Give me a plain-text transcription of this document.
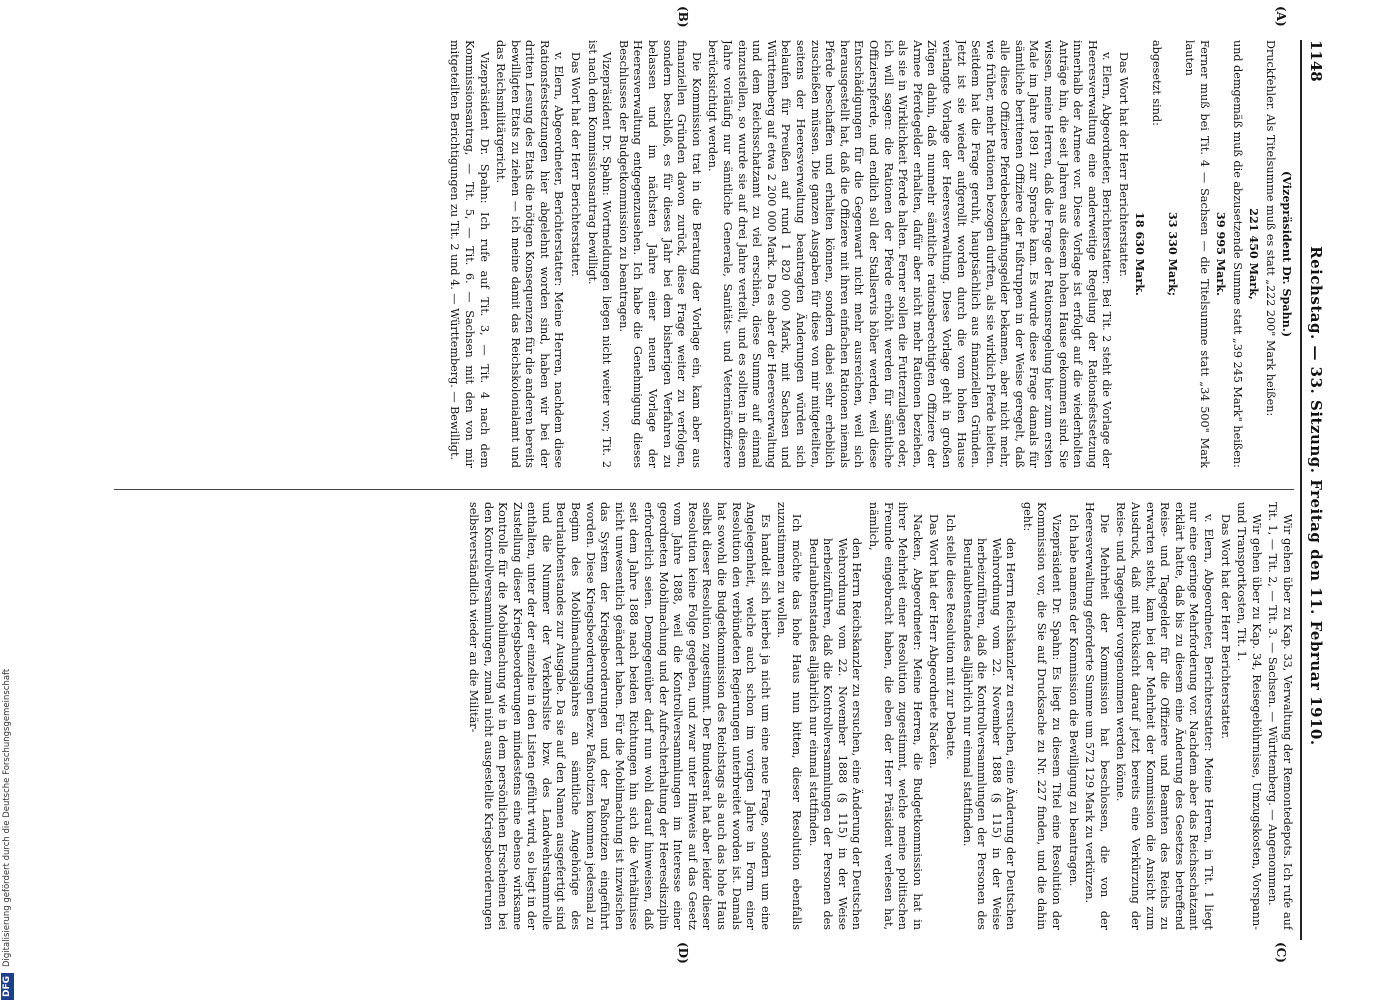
1148
Reichstag. — 33. Sitzung. Freitag den 11. Februar 1910.
(A)
(B)
(C)
(D)

(Vizepräsident Dr. Spahn.)

Druckfehler. Als Titelsumme muß es statt „222 200" Mark heißen:

221 450 Mark,

und demgemäß muß die abzusetzende Summe statt „39 245 Mark" heißen:

39 995 Mark.

Ferner muß bei Tit. 4 — Sachsen — die Titelsumme statt „34 500" Mark lauten

33 330 Mark;

abgesetzt sind:

18 630 Mark.

Das Wort hat der Herr Berichterstatter.

v. Elern, Abgeordneter, Berichterstatter: Bei Tit. 2 steht die Vorlage der Heeresverwaltung eine anderweitige Regelung der Rationsfestsetzung innerhalb der Armee vor. Diese Vorlage ist erfolgt auf die wiederholten Anträge hin, die seit Jahren aus diesem hohen Hause gekommen sind. Sie wissen, meine Herren, daß die Frage der Rationsregelung hier zum ersten Male im Jahre 1891 zur Sprache kam. Es wurde diese Frage damals für sämtliche berittenen Offiziere der Fußtruppen in der Weise geregelt, daß alle diese Offiziere Pferdebeschaffungsgelder bekamen, aber nicht mehr, wie früher, mehr Rationen bezogen durften, als sie wirklich Pferde hielten. Seitdem hat die Frage geruht, hauptsächlich aus finanziellen Gründen. Jetzt ist sie wieder aufgerollt worden durch die vom hohen Hause verlangte Vorlage der Heeresverwaltung. Diese Vorlage geht in großen Zügen dahin, daß nunmehr sämtliche rationsberechtigten Offiziere der Armee Pferdegelder erhalten, dafür aber nicht mehr Rationen beziehen, als sie in Wirklichkeit Pferde halten. Ferner sollen die Futterzulagen oder, ich will sagen: die Rationen der Pferde erhöht werden für sämtliche Offizierspferde, und endlich soll der Stallservis höher werden, weil diese Entschädigungen für die Gegenwart nicht mehr ausreichen, weil sich herausgestellt hat, daß die Offiziere mit ihren einfachen Rationen niemals Pferde beschaffen und erhalten können, sondern dabei sehr erheblich zuschießen müssen. Die ganzen Ausgaben für diese von mir mitgeteilten, seitens der Heeresverwaltung beantragten Änderungen würden sich belaufen für Preußen auf rund 1 820 000 Mark, mit Sachsen und Württemberg auf etwa 2 200 000 Mark. Da es aber der Heeresverwaltung und dem Reichsschatzamt zu viel erschien, diese Summe auf einmal einzustellen, so wurde sie auf drei Jahre verteilt, und es sollten in diesem Jahre vorläufig nur sämtliche Generale, Sanitäts- und Veterinäroffiziere berücksichtigt werden.

Die Kommission trat in die Beratung der Vorlage ein, kam aber aus finanziellen Gründen davon zurück, diese Frage weiter zu verfolgen, sondern beschloß, es für dieses Jahr bei dem bisherigen Verfahren zu belassen und im nächsten Jahre einer neuen Vorlage der Heeresverwaltung entgegenzusehen. Ich habe die Genehmigung dieses Beschlusses der Budgetkommission zu beantragen.

Vizepräsident Dr. Spahn: Wortmeldungen liegen nicht weiter vor; Tit. 2 ist nach dem Kommissionsantrag bewilligt.

Das Wort hat der Herr Berichterstatter.

v. Elern, Abgeordneter, Berichterstatter: Meine Herren, nachdem diese Rationsfestsetzungen hier abgelehnt worden sind, haben wir bei der dritten Lesung des Etats die nötigen Konsequenzen für die anderen bereits bewilligten Etats zu ziehen — ich meine damit das Reichskolonialamt und das Reichsmilitärgericht.

Vizepräsident Dr. Spahn: Ich rufe auf Tit. 3, — Tit. 4 nach dem Kommissionsantrag, — Tit. 5, — Tit. 6. — Sachsen mit den von mir mitgeteilten Berichtigungen zu Tit. 2 und 4. — Württemberg. — Bewilligt.

Wir gehen über zu Kap. 33, Verwaltung der Remontedepots. Ich rufe auf Tit. 1, — Tit. 2, — Tit. 3. — Sachsen. — Württemberg. — Angenommen.

Wir gehen über zu Kap. 34, Reisegebührnisse, Umzugskosten, Vorspann- und Transportkosten, Tit. 1.

Das Wort hat der Herr Berichterstatter.

v. Elern, Abgeordneter, Berichterstatter: Meine Herren, in Tit. 1 liegt nur eine geringe Mehrforderung vor. Nachdem aber das Reichsschatzamt erklärt hatte, daß bis zu diesem eine Änderung des Gesetzes betreffend Reise- und Tagegelder für die Offiziere und Beamten des Reichs zu erwarten steht, kam bei der Mehrheit der Kommission die Ansicht zum Ausdruck, daß mit Rücksicht darauf jetzt bereits eine Verkürzung der Reise- und Tagegelder vorgenommen werden könne.

Die Mehrheit der Kommission hat beschlossen, die von der Heeresverwaltung geforderte Summe um 572 129 Mark zu verkürzen.

Ich habe namens der Kommission die Bewilligung zu beantragen.

Vizepräsident Dr. Spahn: Es liegt zu diesem Titel eine Resolution der Kommission vor, die Sie auf Drucksache zu Nr. 227 finden, und die dahin geht:

den Herrn Reichskanzler zu ersuchen, eine Änderung der Deutschen Wehrordnung vom 22. November 1888 (§ 115) in der Weise herbeizuführen, daß die Kontrollversammlungen der Personen des Beurlaubtenstandes alljährlich nur einmal stattfinden.

Ich stelle diese Resolution mit zur Debatte.

Das Wort hat der Herr Abgeordnete Nacken.

Nacken, Abgeordneter: Meine Herren, die Budgetkommission hat in ihrer Mehrheit einer Resolution zugestimmt, welche meine politischen Freunde eingebracht haben, die eben der Herr Präsident verlesen hat, nämlich,

den Herrn Reichskanzler zu ersuchen, eine Änderung der Deutschen Wehrordnung vom 22. November 1888 (§ 115) in der Weise herbeizuführen, daß die Kontrollversammlungen der Personen des Beurlaubtenstandes alljährlich nur einmal stattfinden.

Ich möchte das hohe Haus nun bitten, dieser Resolution ebenfalls zuzustimmen zu wollen.

Es handelt sich hierbei ja nicht um eine neue Frage, sondern um eine Angelegenheit, welche auch schon im vorigen Jahre in Form einer Resolution den verbündeten Regierungen unterbreitet worden ist. Damals hat sowohl die Budgetkommission des Reichstags als auch das hohe Haus selbst dieser Resolution zugestimmt. Der Bundesrat hat aber leider dieser Resolution keine Folge gegeben, und zwar unter Hinweis auf das Gesetz vom Jahre 1888, weil die Kontrollversammlungen im Interesse einer geordneten Mobilmachung und der Aufrechterhaltung der Heeresdisziplin erforderlich seien. Demgegenüber darf nun wohl darauf hinweisen, daß seit dem Jahre 1888 nach beiden Richtungen hin sich die Verhältnisse nicht unwesentlich geändert haben. Für die Mobilmachung ist inzwischen das System der Kriegsbeorderungen und der Paßnotizen eingeführt worden. Diese Kriegsbeorderungen bezw. Paßnotizen kommen jedesmal zu Beginn des Mobilmachungsjahres an sämtliche Angehörige des Beurlaubtenstandes zur Ausgabe. Da sie auf den Namen ausgefertigt sind und die Nummer der Verkehrsliste bzw. des Landwehrstammrolle enthalten, unter der der einzelne in den Listen geführt wird, so liegt in der Zustellung dieser Kriegsbeorderungen mindestens eine ebenso wirksame Kontrolle für die Mobilmachung wie in dem persönlichen Erscheinen bei den Kontrollversammlungen, zumal nicht ausgestellte Kriegsbeorderungen selbstverständlich wieder an die Militär-

DFG
Digitalisierung gefördert durch die Deutsche Forschungsgemeinschaft
